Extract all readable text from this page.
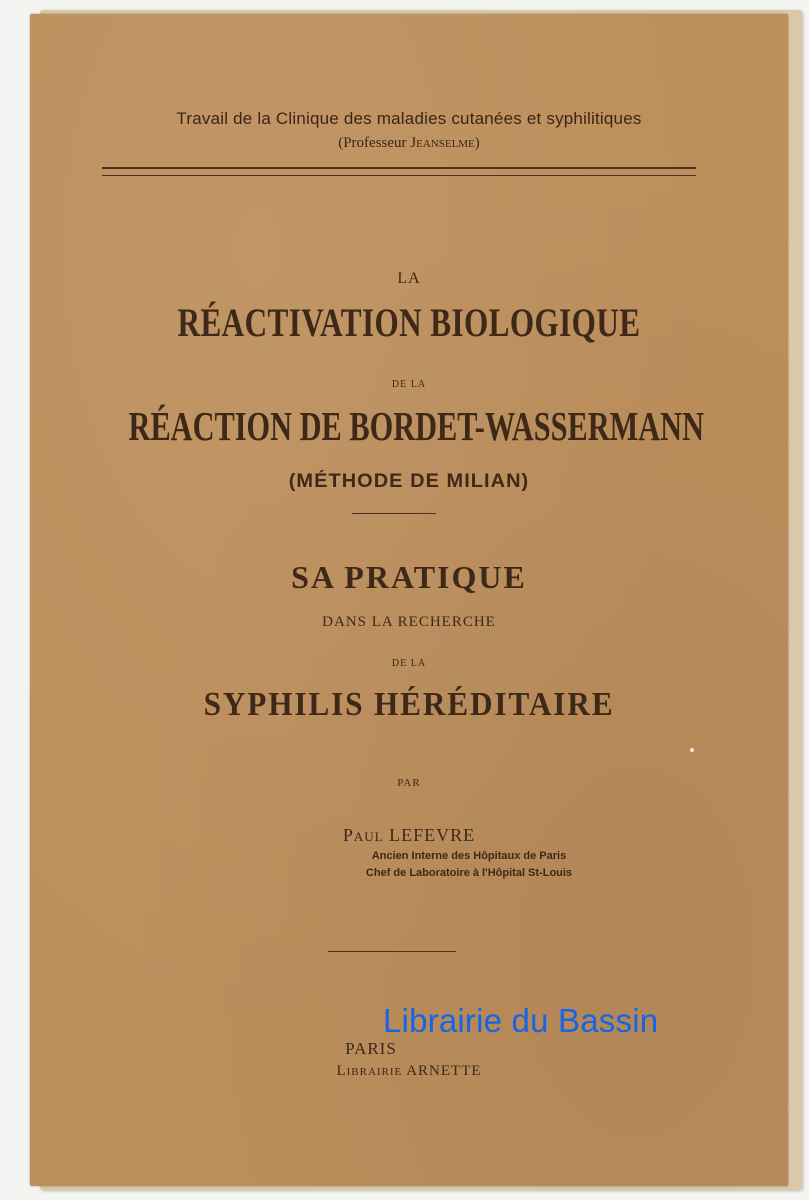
Travail de la Clinique des maladies cutanées et syphilitiques
(Professeur Jeanselme)
LA
RÉACTIVATION BIOLOGIQUE
DE LA
RÉACTION DE BORDET-WASSERMANN
(MÉTHODE DE MILIAN)
SA PRATIQUE
DANS LA RECHERCHE
DE LA
SYPHILIS HÉRÉDITAIRE
PAR
Paul LEFEVRE
Ancien Interne des Hôpitaux de Paris
Chef de Laboratoire à l'Hôpital St-Louis
PARIS
Librairie ARNETTE
Librairie du Bassin
